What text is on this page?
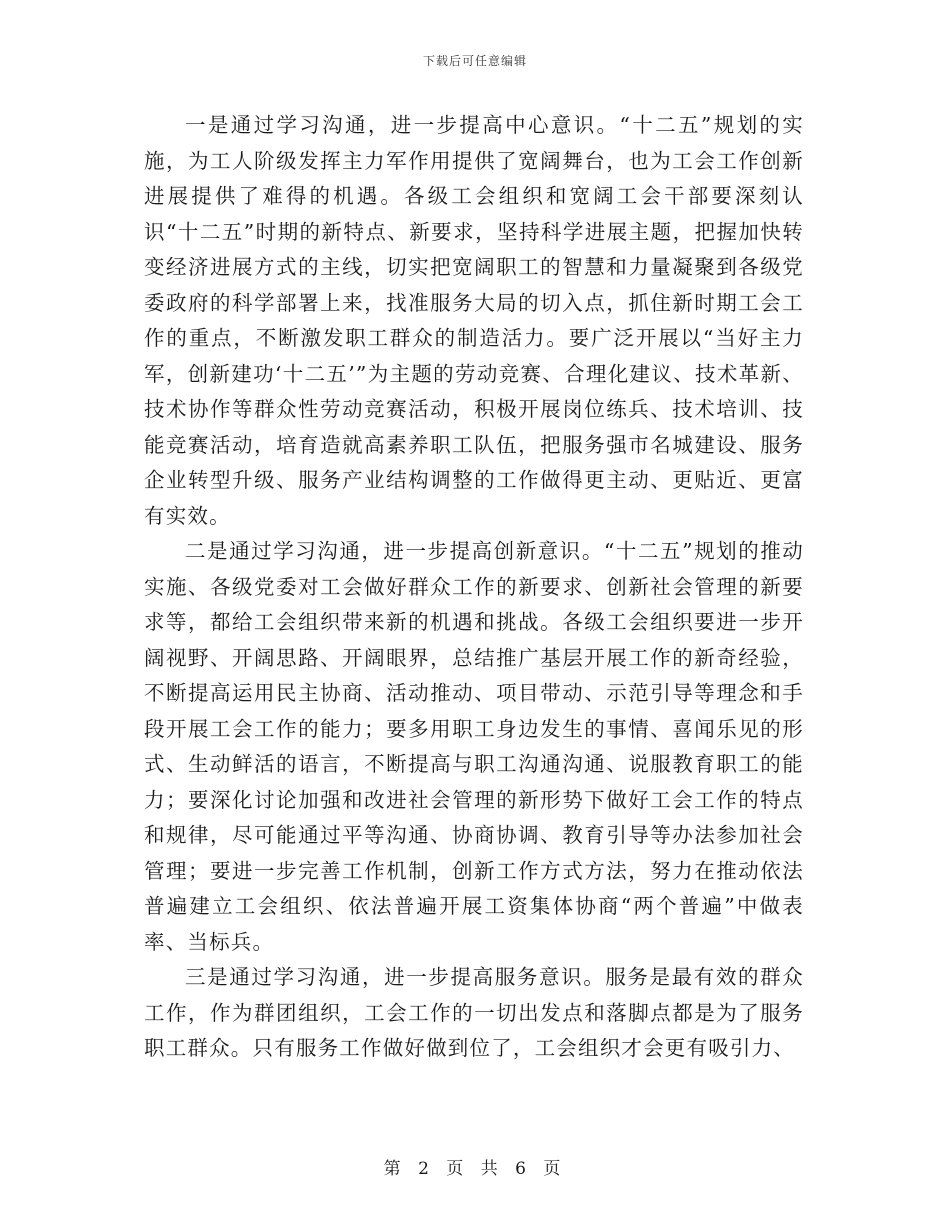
下载后可任意编辑

一是通过学习沟通，进一步提高中心意识。“十二五”规划的实施，为工人阶级发挥主力军作用提供了宽阔舞台，也为工会工作创新进展提供了难得的机遇。各级工会组织和宽阔工会干部要深刻认识“十二五”时期的新特点、新要求，坚持科学进展主题，把握加快转变经济进展方式的主线，切实把宽阔职工的智慧和力量凝聚到各级党委政府的科学部署上来，找准服务大局的切入点，抓住新时期工会工作的重点，不断激发职工群众的制造活力。要广泛开展以“当好主力军，创新建功‘十二五’”为主题的劳动竞赛、合理化建议、技术革新、技术协作等群众性劳动竞赛活动，积极开展岗位练兵、技术培训、技能竞赛活动，培育造就高素养职工队伍，把服务强市名城建设、服务企业转型升级、服务产业结构调整的工作做得更主动、更贴近、更富有实效。

二是通过学习沟通，进一步提高创新意识。“十二五”规划的推动实施、各级党委对工会做好群众工作的新要求、创新社会管理的新要求等，都给工会组织带来新的机遇和挑战。各级工会组织要进一步开阔视野、开阔思路、开阔眼界，总结推广基层开展工作的新奇经验，不断提高运用民主协商、活动推动、项目带动、示范引导等理念和手段开展工会工作的能力；要多用职工身边发生的事情、喜闻乐见的形式、生动鲜活的语言，不断提高与职工沟通沟通、说服教育职工的能力；要深化讨论加强和改进社会管理的新形势下做好工会工作的特点和规律，尽可能通过平等沟通、协商协调、教育引导等办法参加社会管理；要进一步完善工作机制，创新工作方式方法，努力在推动依法普遍建立工会组织、依法普遍开展工资集体协商“两个普遍”中做表率、当标兵。

三是通过学习沟通，进一步提高服务意识。服务是最有效的群众工作，作为群团组织，工会工作的一切出发点和落脚点都是为了服务职工群众。只有服务工作做好做到位了，工会组织才会更有吸引力、

第 2 页 共 6 页
